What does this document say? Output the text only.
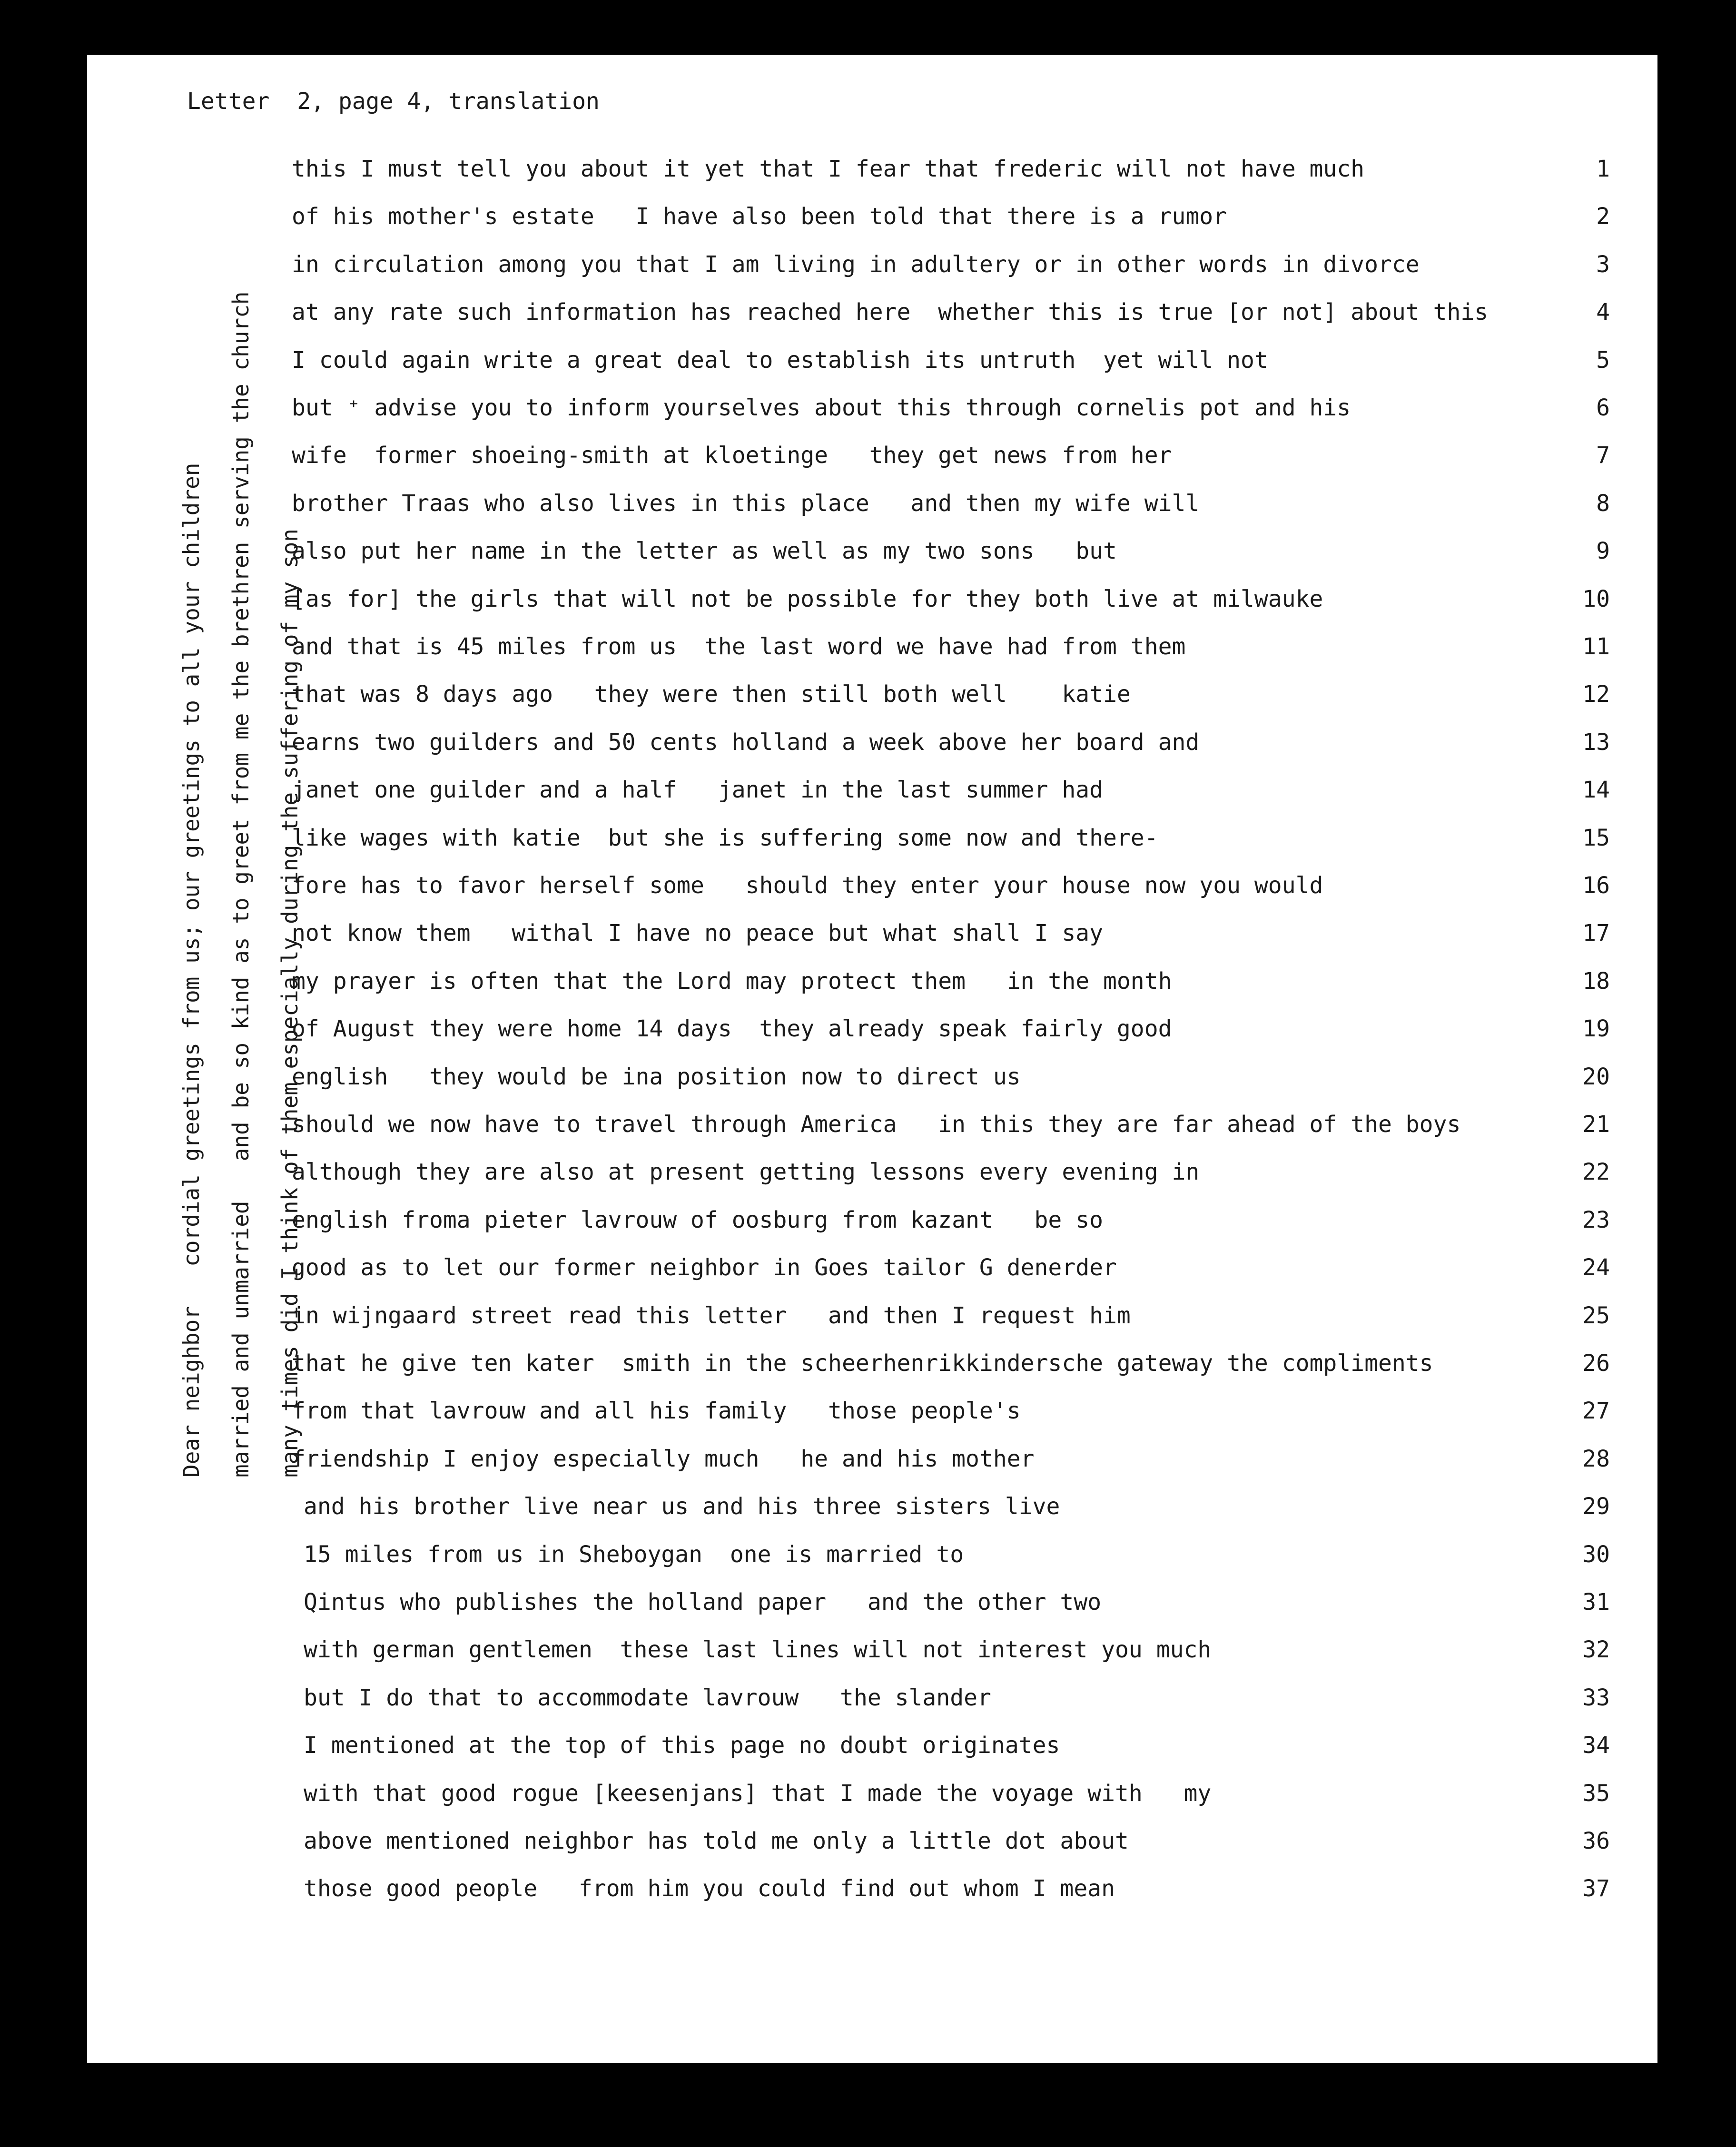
Letter  2, page 4, translation
Dear neighbor   cordial greetings from us; our greetings to all your children married and unmarried   and be so kind as to greet from me the brethren serving the church many times did I think of them especially during the suffering of my son
this I must tell you about it yet that I fear that frederic will not have much	1
of his mother's estate   I have also been told that there is a rumor	2
in circulation among you that I am living in adultery or in other words in divorce	3
at any rate such information has reached here  whether this is true [or not] about this	4
I could again write a great deal to establish its untruth  yet will not	5
but ⁺ advise you to inform yourselves about this through cornelis pot and his	6
wife  former shoeing-smith at kloetinge   they get news from her	7
brother Traas who also lives in this place   and then my wife will	8
also put her name in the letter as well as my two sons   but	9
[as for] the girls that will not be possible for they both live at milwauke	10
and that is 45 miles from us  the last word we have had from them	11
that was 8 days ago   they were then still both well    katie	12
earns two guilders and 50 cents holland a week above her board and	13
janet one guilder and a half   janet in the last summer had	14
like wages with katie  but she is suffering some now and there-	15
fore has to favor herself some   should they enter your house now you would	16
not know them   withal I have no peace but what shall I say	17
my prayer is often that the Lord may protect them   in the month	18
of August they were home 14 days  they already speak fairly good	19
english   they would be ina position now to direct us	20
should we now have to travel through America   in this they are far ahead of the boys	21
although they are also at present getting lessons every evening in	22
english froma pieter lavrouw of oosburg from kazant   be so	23
good as to let our former neighbor in Goes tailor G denerder	24
in wijngaard street read this letter   and then I request him	25
that he give ten kater  smith in the scheerhenrikkindersche gateway the compliments	26
from that lavrouw and all his family   those people's	27
friendship I enjoy especially much   he and his mother	28
and his brother live near us and his three sisters live	29
15 miles from us in Sheboygan  one is married to	30
Qintus who publishes the holland paper   and the other two	31
with german gentlemen  these last lines will not interest you much	32
but I do that to accommodate lavrouw   the slander	33
I mentioned at the top of this page no doubt originates	34
with that good rogue [keesenjans] that I made the voyage with   my	35
above mentioned neighbor has told me only a little dot about	36
those good people   from him you could find out whom I mean	37
